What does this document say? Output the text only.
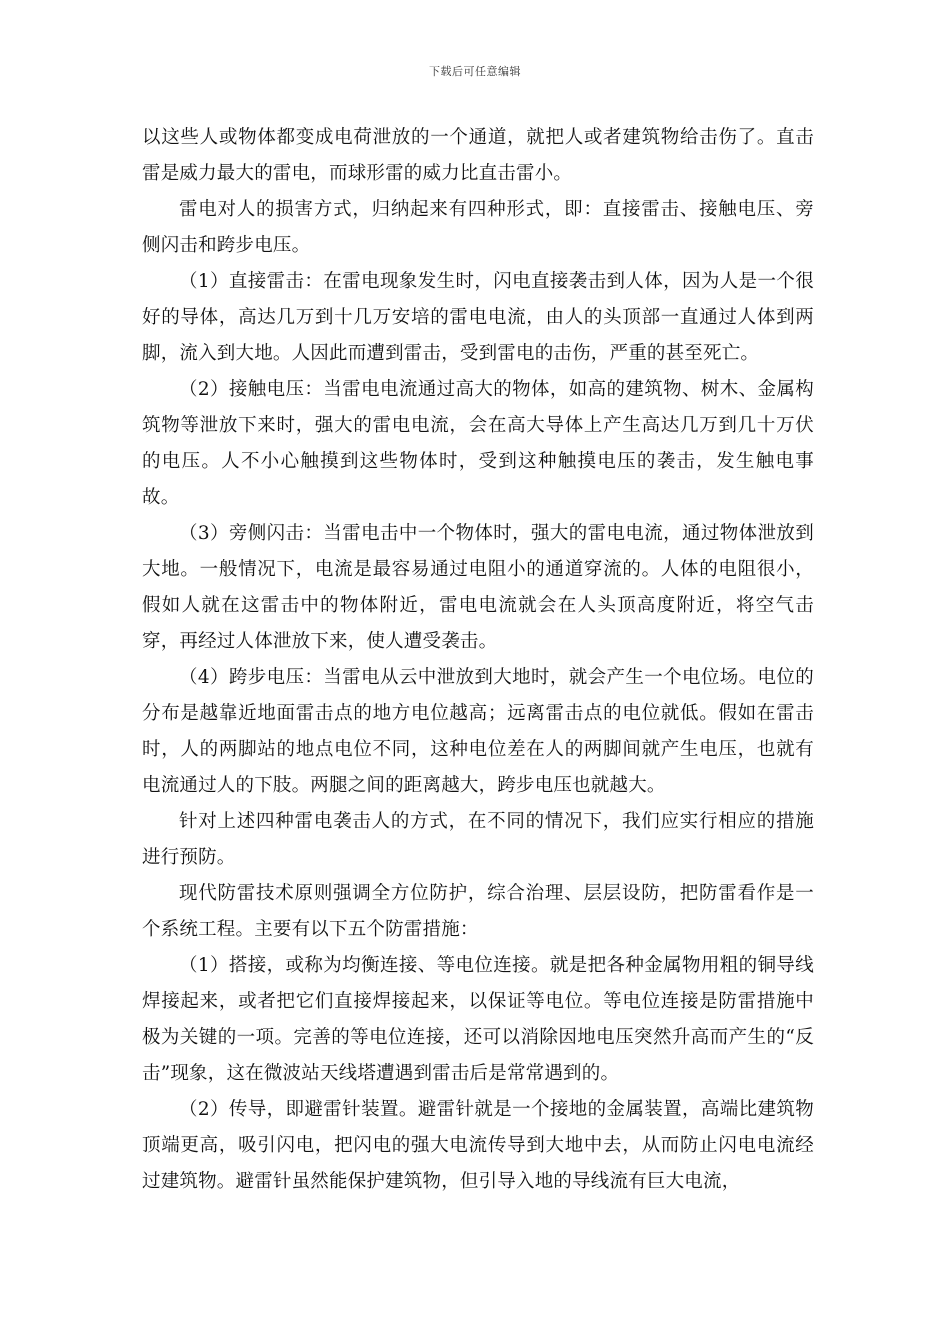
下载后可任意编辑

以这些人或物体都变成电荷泄放的一个通道，就把人或者建筑物给击伤了。直击雷是威力最大的雷电，而球形雷的威力比直击雷小。

雷电对人的损害方式，归纳起来有四种形式，即：直接雷击、接触电压、旁侧闪击和跨步电压。

（1）直接雷击：在雷电现象发生时，闪电直接袭击到人体，因为人是一个很好的导体，高达几万到十几万安培的雷电电流，由人的头顶部一直通过人体到两脚，流入到大地。人因此而遭到雷击，受到雷电的击伤，严重的甚至死亡。

（2）接触电压：当雷电电流通过高大的物体，如高的建筑物、树木、金属构筑物等泄放下来时，强大的雷电电流，会在高大导体上产生高达几万到几十万伏的电压。人不小心触摸到这些物体时，受到这种触摸电压的袭击，发生触电事故。

（3）旁侧闪击：当雷电击中一个物体时，强大的雷电电流，通过物体泄放到大地。一般情况下，电流是最容易通过电阻小的通道穿流的。人体的电阻很小，假如人就在这雷击中的物体附近，雷电电流就会在人头顶高度附近，将空气击穿，再经过人体泄放下来，使人遭受袭击。

（4）跨步电压：当雷电从云中泄放到大地时，就会产生一个电位场。电位的分布是越靠近地面雷击点的地方电位越高；远离雷击点的电位就低。假如在雷击时，人的两脚站的地点电位不同，这种电位差在人的两脚间就产生电压，也就有电流通过人的下肢。两腿之间的距离越大，跨步电压也就越大。

针对上述四种雷电袭击人的方式，在不同的情况下，我们应实行相应的措施进行预防。

现代防雷技术原则强调全方位防护，综合治理、层层设防，把防雷看作是一个系统工程。主要有以下五个防雷措施：

（1）搭接，或称为均衡连接、等电位连接。就是把各种金属物用粗的铜导线焊接起来，或者把它们直接焊接起来，以保证等电位。等电位连接是防雷措施中极为关键的一项。完善的等电位连接，还可以消除因地电压突然升高而产生的“反击”现象，这在微波站天线塔遭遇到雷击后是常常遇到的。

（2）传导，即避雷针装置。避雷针就是一个接地的金属装置，高端比建筑物顶端更高，吸引闪电，把闪电的强大电流传导到大地中去，从而防止闪电电流经过建筑物。避雷针虽然能保护建筑物，但引导入地的导线流有巨大电流，
